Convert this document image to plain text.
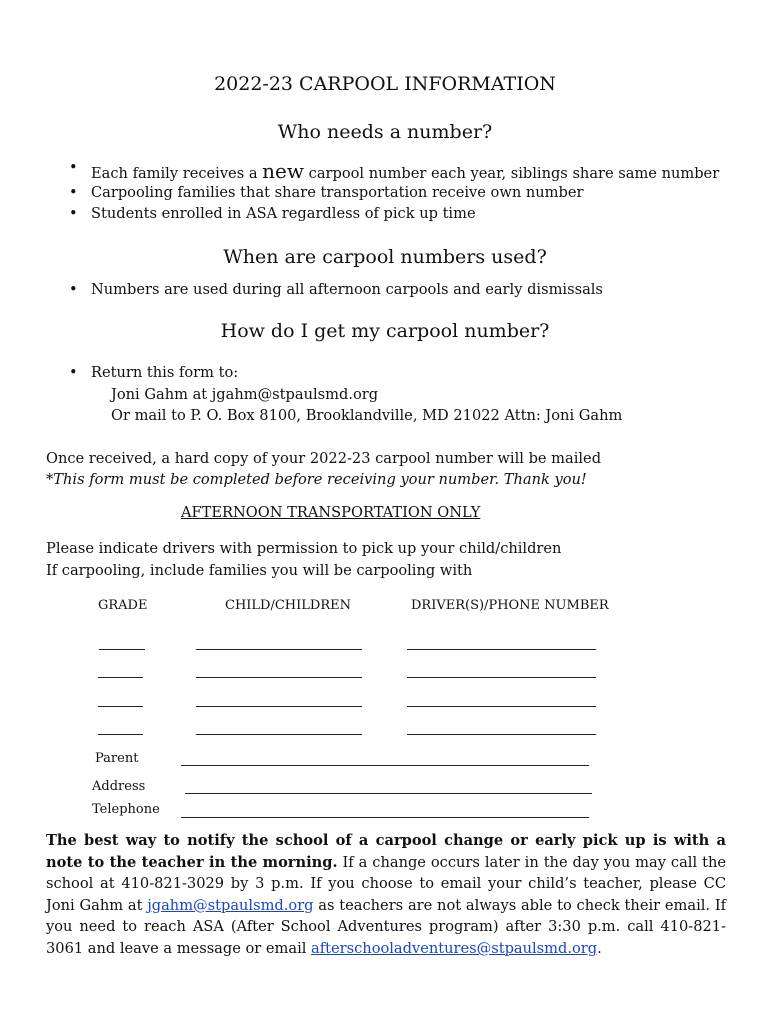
2022-23 CARPOOL INFORMATION
Who needs a number?
• Each family receives a new carpool number each year, siblings share same number
• Carpooling families that share transportation receive own number
• Students enrolled in ASA regardless of pick up time
When are carpool numbers used?
• Numbers are used during all afternoon carpools and early dismissals
How do I get my carpool number?
• Return this form to:
Joni Gahm at jgahm@stpaulsmd.org
Or mail to P. O. Box 8100, Brooklandville, MD 21022 Attn: Joni Gahm
Once received, a hard copy of your 2022-23 carpool number will be mailed
*This form must be completed before receiving your number. Thank you!
AFTERNOON TRANSPORTATION ONLY
Please indicate drivers with permission to pick up your child/children
If carpooling, include families you will be carpooling with
GRADE	CHILD/CHILDREN	DRIVER(S)/PHONE NUMBER
Parent
Address
Telephone
The best way to notify the school of a carpool change or early pick up is with a note to the teacher in the morning. If a change occurs later in the day you may call the school at 410-821-3029 by 3 p.m. If you choose to email your child’s teacher, please CC Joni Gahm at jgahm@stpaulsmd.org as teachers are not always able to check their email. If you need to reach ASA (After School Adventures program) after 3:30 p.m. call 410-821-3061 and leave a message or email afterschooladventures@stpaulsmd.org.
